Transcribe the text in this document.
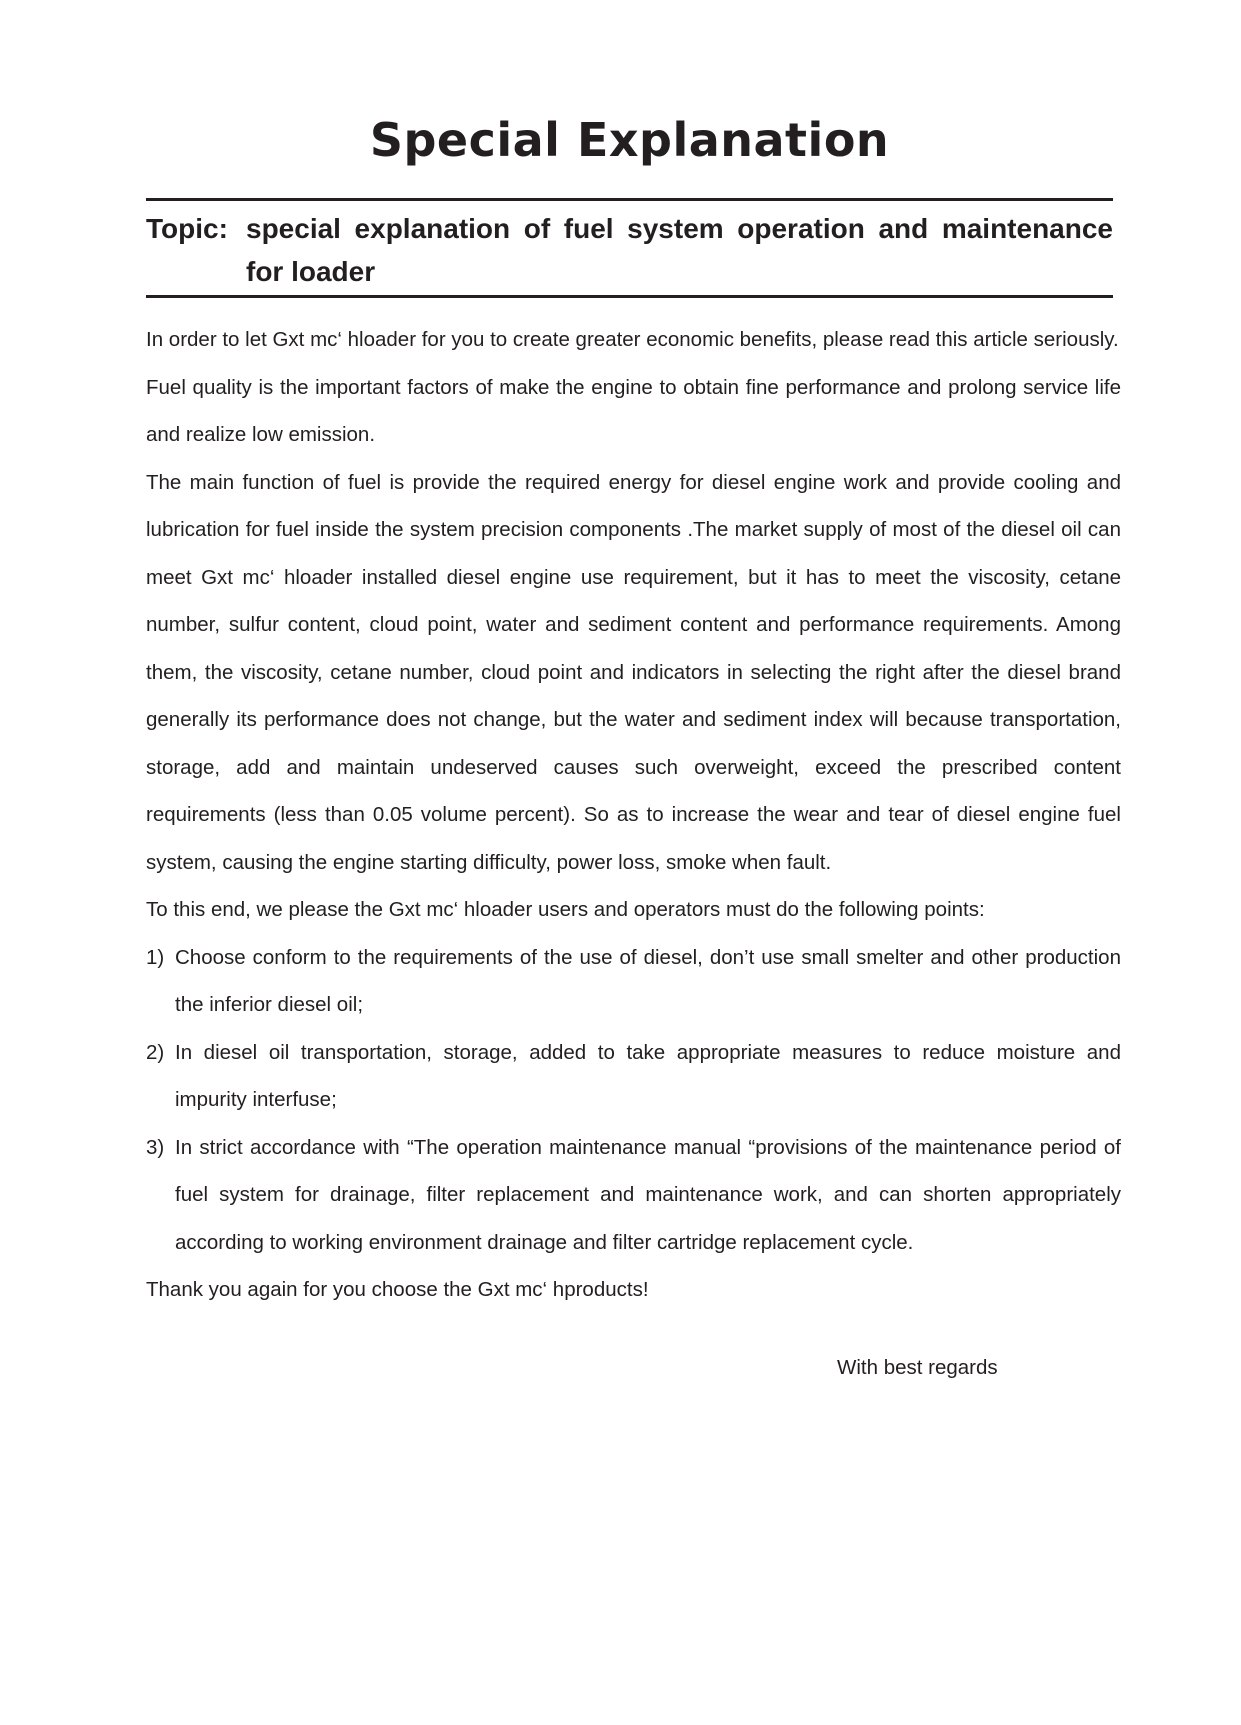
Special Explanation
Topic: special explanation of fuel system operation and maintenance for loader

In order to let Gxt mc‘ hloader for you to create greater economic benefits, please read this article seriously.

Fuel quality is the important factors of make the engine to obtain fine performance and prolong service life and realize low emission.

The main function of fuel is provide the required energy for diesel engine work and provide cooling and lubrication for fuel inside the system precision components .The market supply of most of the diesel oil can meet Gxt mc‘ hloader installed diesel engine use requirement, but it has to meet the viscosity, cetane number, sulfur content, cloud point, water and sediment content and performance requirements. Among them, the viscosity, cetane number, cloud point and indicators in selecting the right after the diesel brand generally its performance does not change, but the water and sediment index will because transportation, storage, add and maintain undeserved causes such overweight, exceed the prescribed content requirements (less than 0.05 volume percent). So as to increase the wear and tear of diesel engine fuel system, causing the engine starting difficulty, power loss, smoke when fault.

To this end, we please the Gxt mc‘ hloader users and operators must do the following points:

1) Choose conform to the requirements of the use of diesel, don’t use small smelter and other production the inferior diesel oil;
2) In diesel oil transportation, storage, added to take appropriate measures to reduce moisture and impurity interfuse;
3) In strict accordance with “The operation maintenance manual “provisions of the maintenance period of fuel system for drainage, filter replacement and maintenance work, and can shorten appropriately according to working environment drainage and filter cartridge replacement cycle.

Thank you again for you choose the Gxt mc‘ hproducts!

With best regards
